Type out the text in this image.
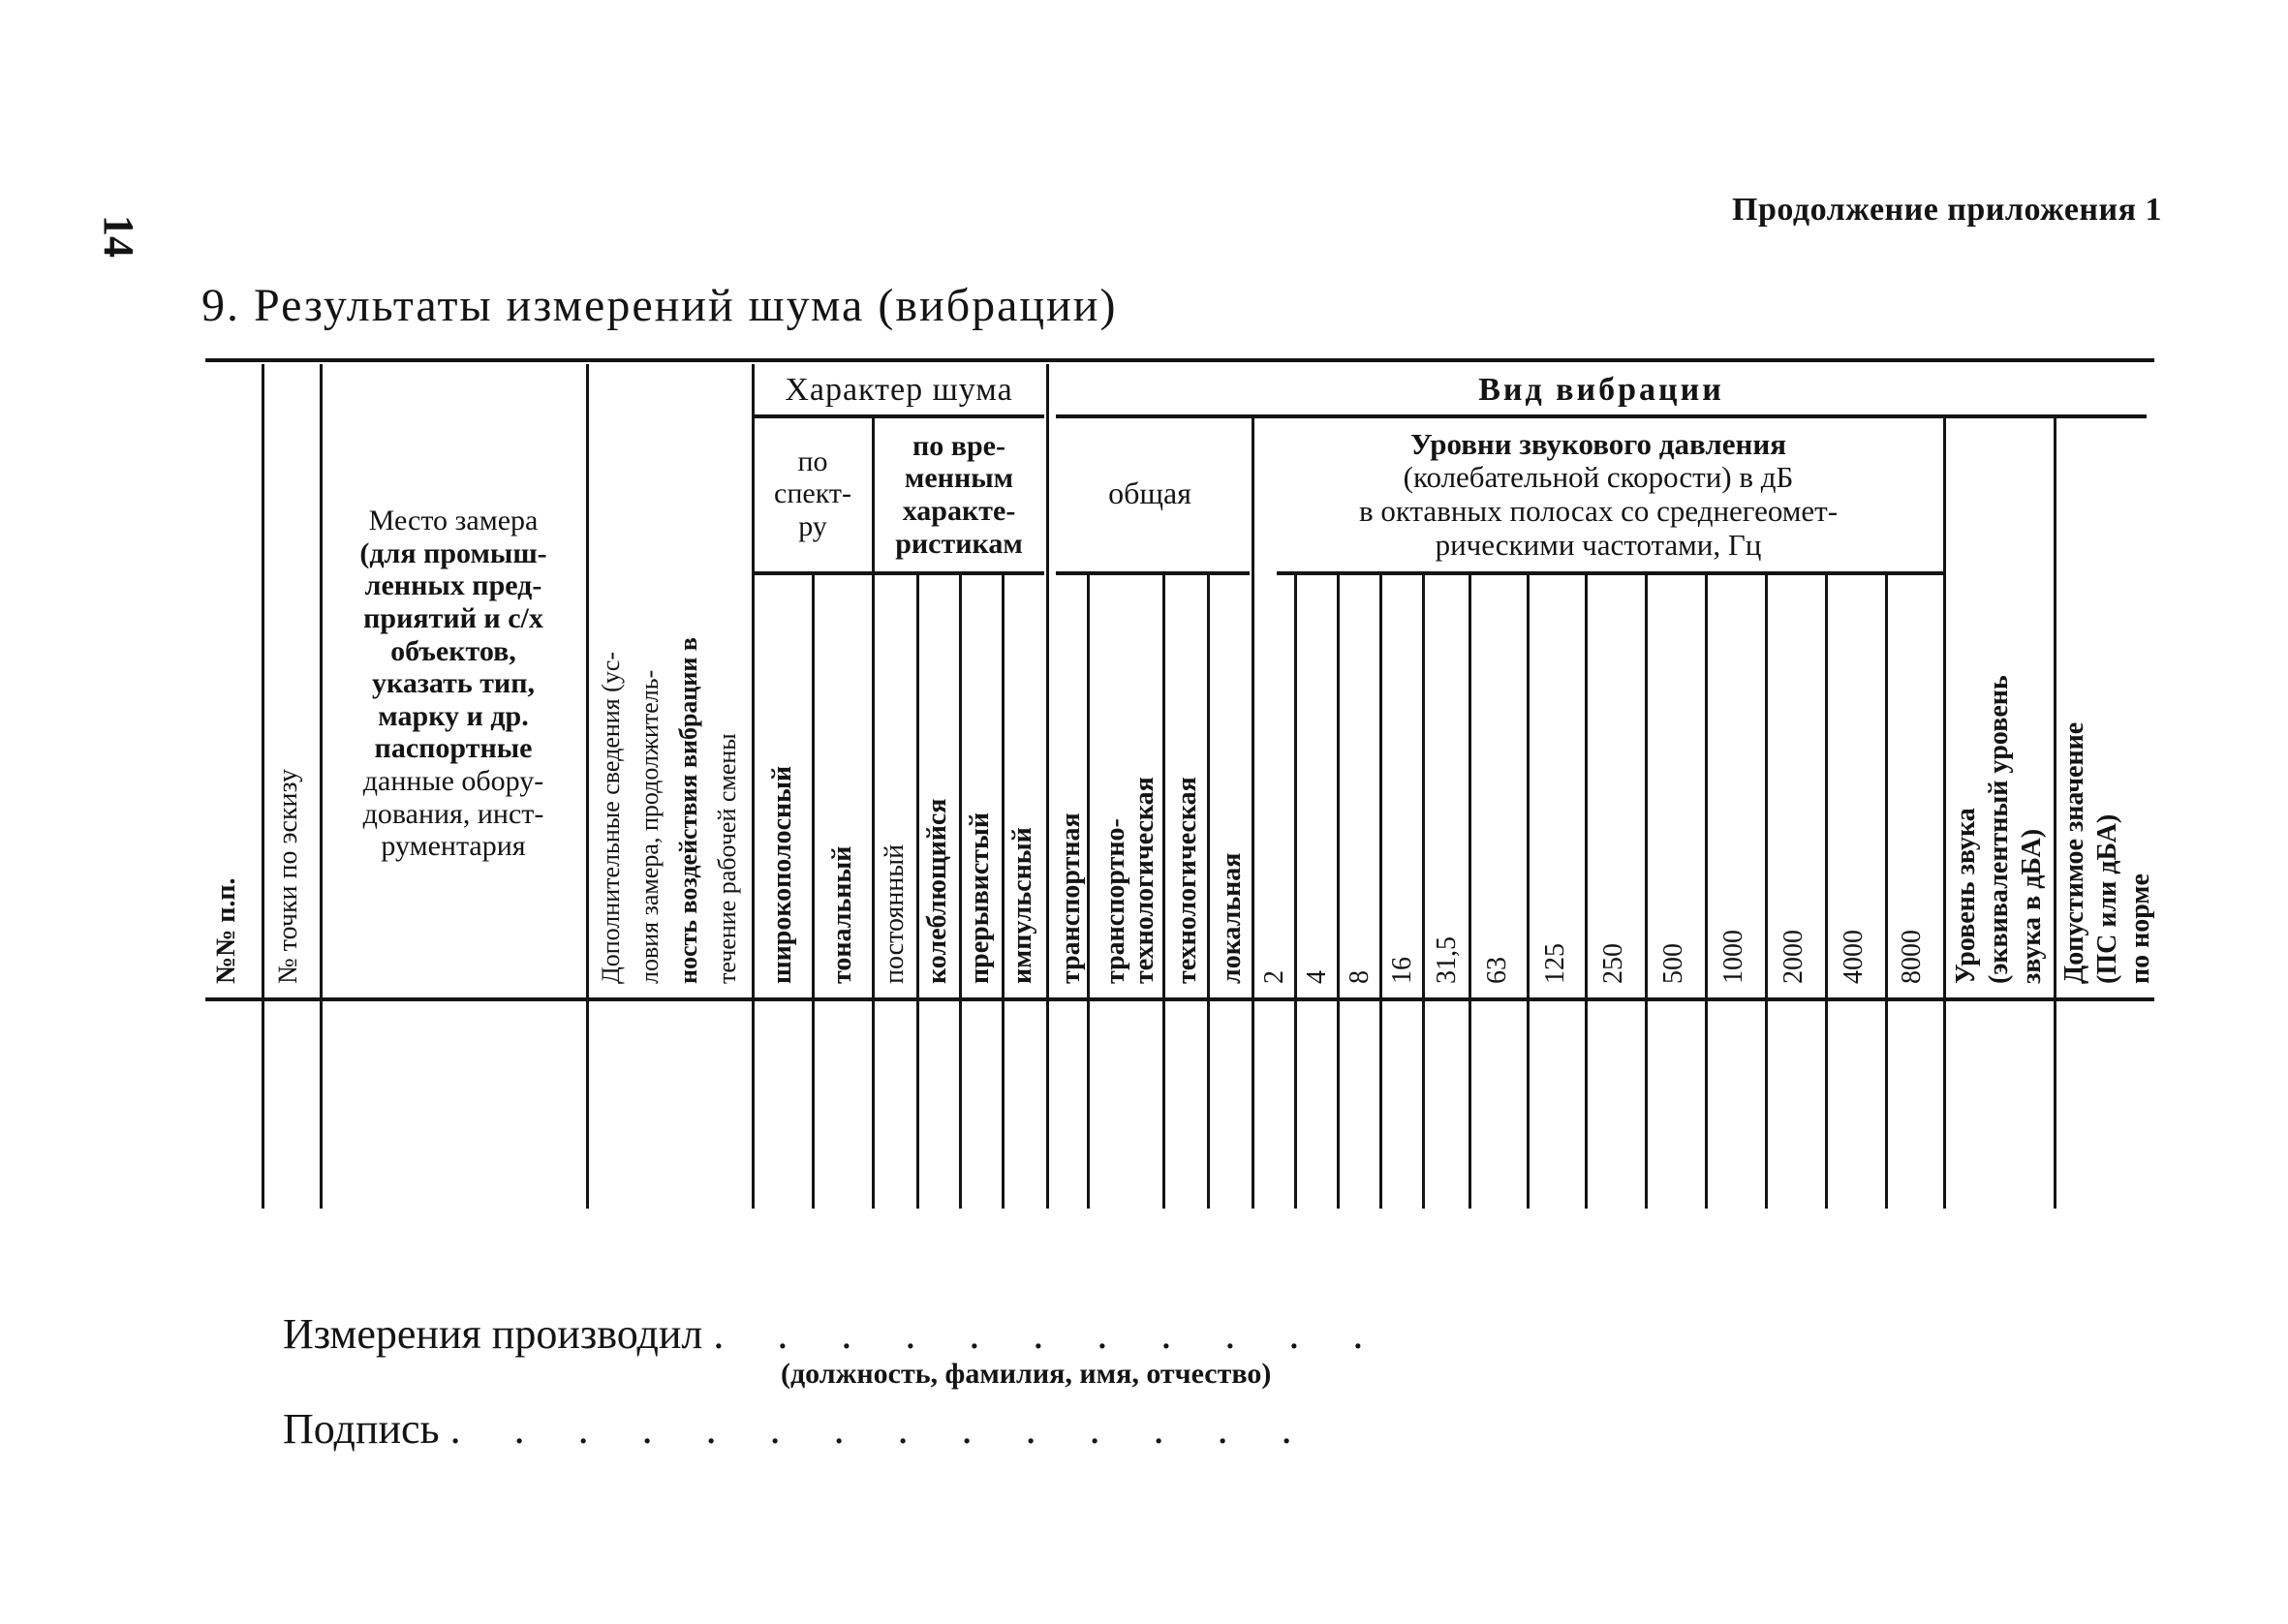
14
Продолжение приложения 1
9. Результаты измерений шума (вибрации)
№№ п.п. № точки по эскизу
Место замера
(для промыш-
ленных пред-
приятий и с/х
объектов,
указать тип,
марку и др.
паспортные
данные обору-
дования, инст-
рументария	Дополнительные сведения (ус- ловия замера, продолжитель- ность воздействия вибрации в течение рабочей смены
Характер шума
по
спект-
ру
по вре-
менным
характе-
ристикам
широкополосный тональный постоянный колеблющийся прерывистый импульсный
Вид вибрации
общая
Уровни звукового давления
(колебательной скорости) в дБ
в октавных полосах со среднегеомет-
рическими частотами, Гц
транспортная транспортно- технологическая технологическая локальная 2 4 8 16 31,5 63 125 250 500 1000 2000 4000 8000 Уровень звука (эквивалентный уровень звука в дБА) Допустимое значение (ПС или дБА) по норме
Измерения производил . . . . . . . . . . .
(должность, фамилия, имя, отчество)
Подпись . . . . . . . . . . . . . .
